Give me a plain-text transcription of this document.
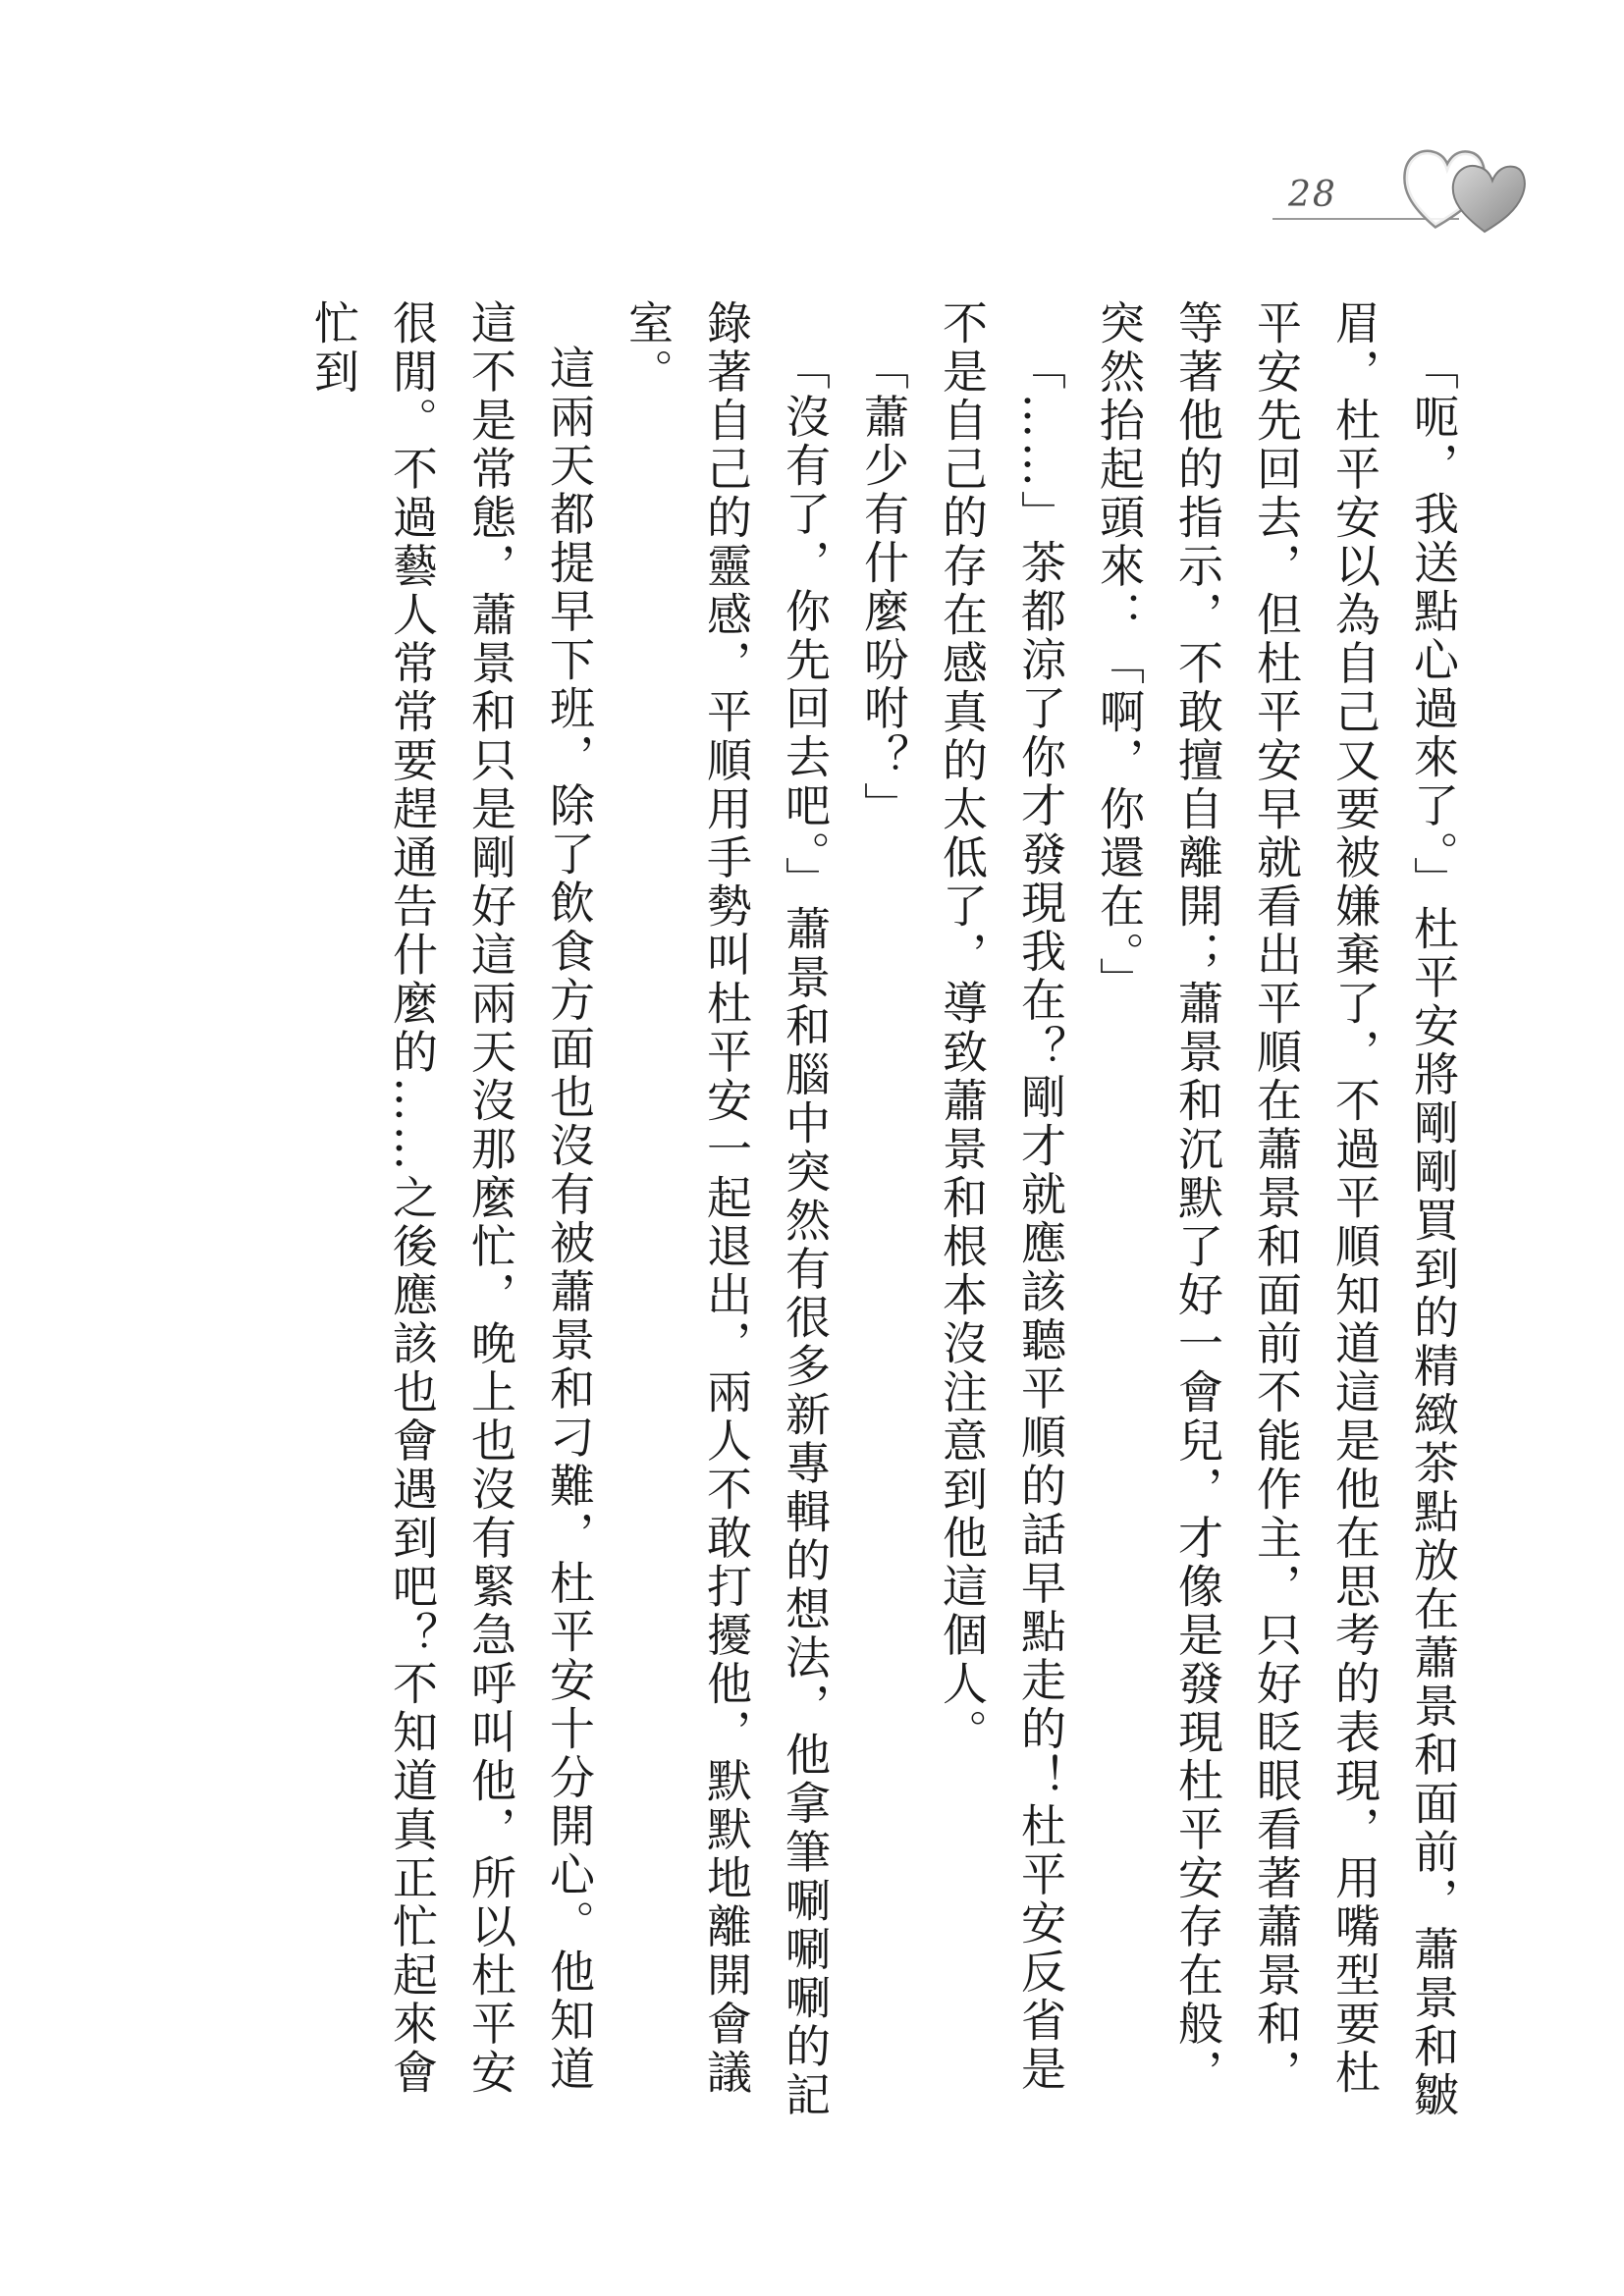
28

「呃，我送點心過來了。」杜平安將剛剛買到的精緻茶點放在蕭景和面前，蕭景和皺眉，杜平安以為自己又要被嫌棄了，不過平順知道這是他在思考的表現，用嘴型要杜平安先回去，但杜平安早就看出平順在蕭景和面前不能作主，只好眨眼看著蕭景和，等著他的指示，不敢擅自離開；蕭景和沉默了好一會兒，才像是發現杜平安存在般，突然抬起頭來：「啊，你還在。」

「……」茶都涼了你才發現我在？剛才就應該聽平順的話早點走的！杜平安反省是不是自己的存在感真的太低了，導致蕭景和根本沒注意到他這個人。

「蕭少有什麼吩咐？」

「沒有了，你先回去吧。」蕭景和腦中突然有很多新專輯的想法，他拿筆唰唰唰的記錄著自己的靈感，平順用手勢叫杜平安一起退出，兩人不敢打擾他，默默地離開會議室。

這兩天都提早下班，除了飲食方面也沒有被蕭景和刁難，杜平安十分開心。他知道這不是常態，蕭景和只是剛好這兩天沒那麼忙，晚上也沒有緊急呼叫他，所以杜平安很閒。不過藝人常常要趕通告什麼的……之後應該也會遇到吧？不知道真正忙起來會忙到
